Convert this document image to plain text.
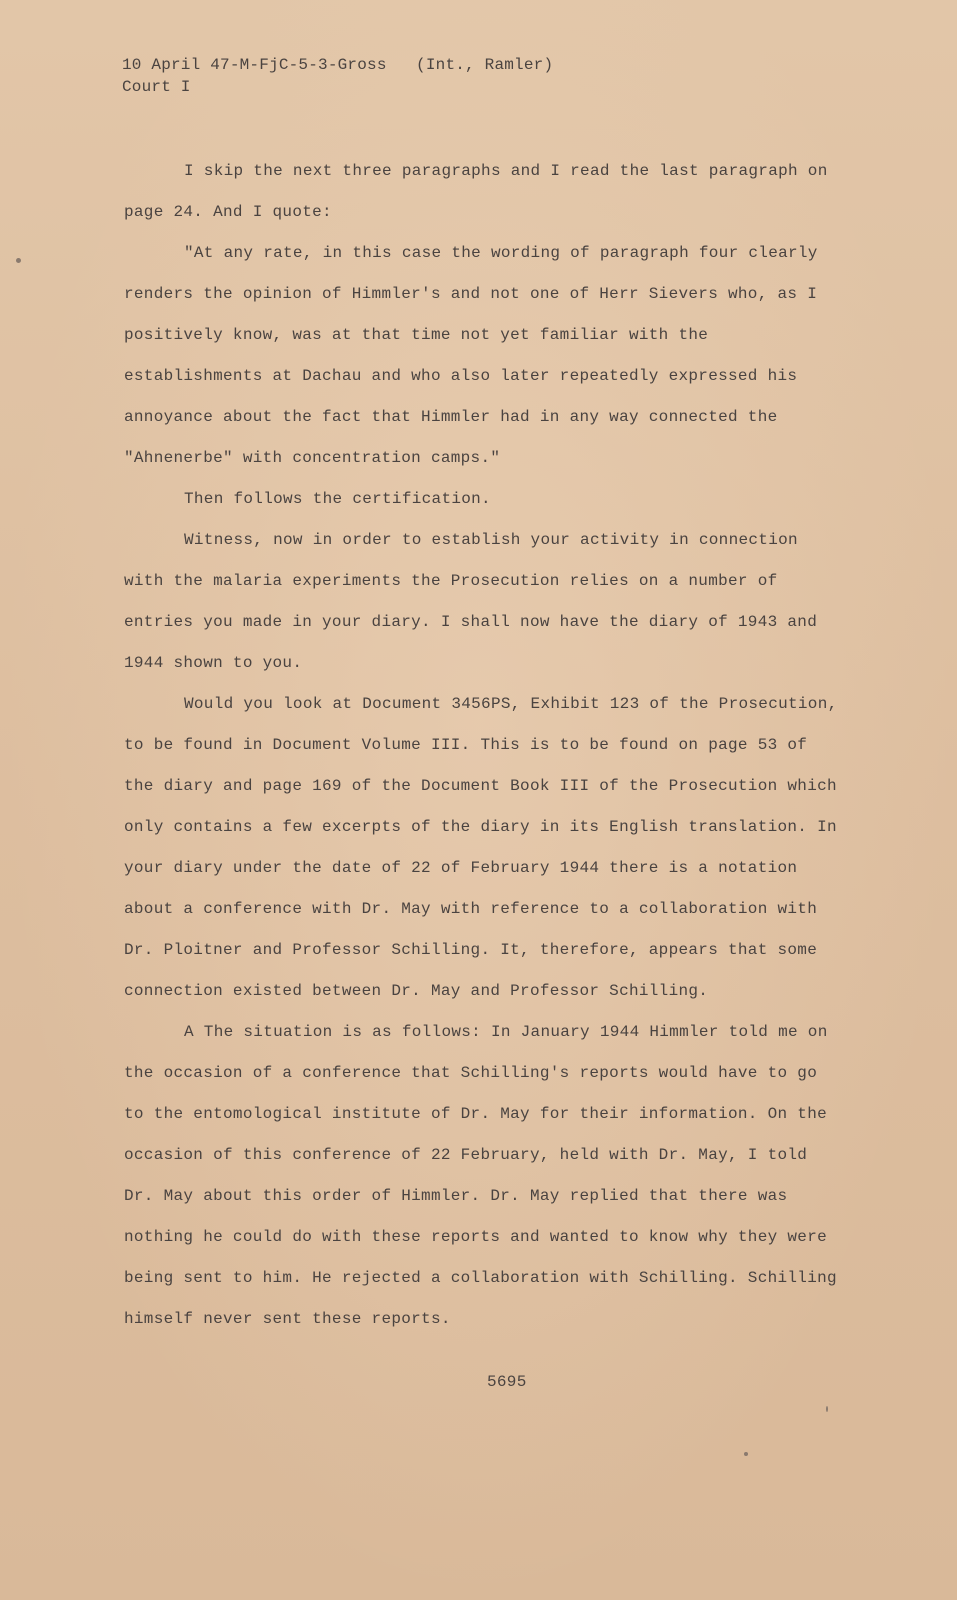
10 April 47-M-FjC-5-3-Gross   (Int., Ramler)
Court I

I skip the next three paragraphs and I read the last paragraph on page 24. And I quote:

"At any rate, in this case the wording of paragraph four clearly renders the opinion of Himmler's and not one of Herr Sievers who, as I positively know, was at that time not yet familiar with the establishments at Dachau and who also later repeatedly expressed his annoyance about the fact that Himmler had in any way connected the "Ahnenerbe" with concentration camps."

Then follows the certification.

Witness, now in order to establish your activity in connection with the malaria experiments the Prosecution relies on a number of entries you made in your diary. I shall now have the diary of 1943 and 1944 shown to you.

Would you look at Document 3456PS, Exhibit 123 of the Prosecution, to be found in Document Volume III. This is to be found on page 53 of the diary and page 169 of the Document Book III of the Prosecution which only contains a few excerpts of the diary in its English translation. In your diary under the date of 22 of February 1944 there is a notation about a conference with Dr. May with reference to a collaboration with Dr. Ploitner and Professor Schilling. It, therefore, appears that some connection existed between Dr. May and Professor Schilling.

A The situation is as follows: In January 1944 Himmler told me on the occasion of a conference that Schilling's reports would have to go to the entomological institute of Dr. May for their information. On the occasion of this conference of 22 February, held with Dr. May, I told Dr. May about this order of Himmler. Dr. May replied that there was nothing he could do with these reports and wanted to know why they were being sent to him. He rejected a collaboration with Schilling. Schilling himself never sent these reports.

5695
